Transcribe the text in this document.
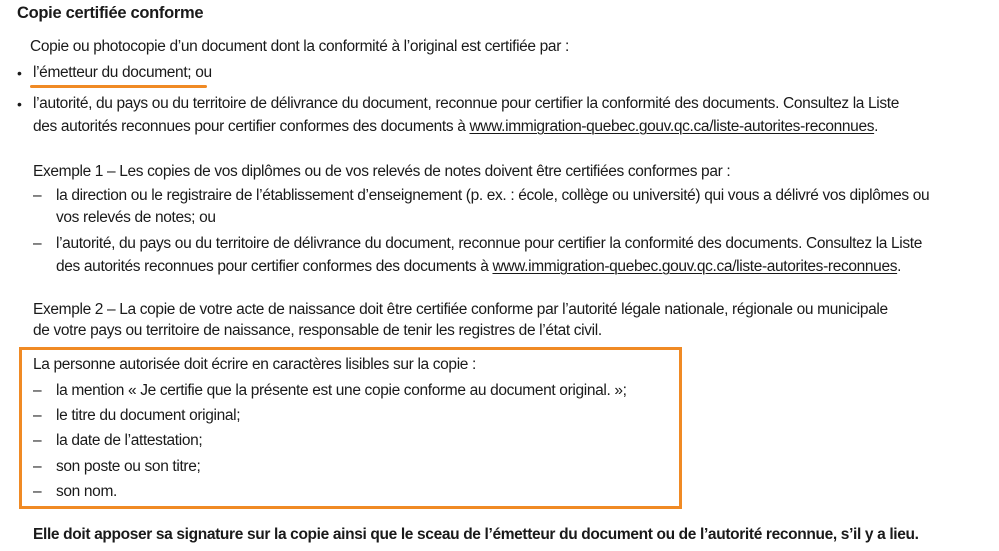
Copie certifiée conforme
Copie ou photocopie d’un document dont la conformité à l’original est certifiée par :
• l’émetteur du document; ou
• l’autorité, du pays ou du territoire de délivrance du document, reconnue pour certifier la conformité des documents. Consultez la Liste
des autorités reconnues pour certifier conformes des documents à www.immigration-quebec.gouv.qc.ca/liste-autorites-reconnues.
Exemple 1 – Les copies de vos diplômes ou de vos relevés de notes doivent être certifiées conformes par :
– la direction ou le registraire de l’établissement d’enseignement (p. ex. : école, collège ou université) qui vous a délivré vos diplômes ou
vos relevés de notes; ou
– l’autorité, du pays ou du territoire de délivrance du document, reconnue pour certifier la conformité des documents. Consultez la Liste
des autorités reconnues pour certifier conformes des documents à www.immigration-quebec.gouv.qc.ca/liste-autorites-reconnues.
Exemple 2 – La copie de votre acte de naissance doit être certifiée conforme par l’autorité légale nationale, régionale ou municipale
de votre pays ou territoire de naissance, responsable de tenir les registres de l’état civil.
La personne autorisée doit écrire en caractères lisibles sur la copie :
– la mention « Je certifie que la présente est une copie conforme au document original. »;
– le titre du document original;
– la date de l’attestation;
– son poste ou son titre;
– son nom.
Elle doit apposer sa signature sur la copie ainsi que le sceau de l’émetteur du document ou de l’autorité reconnue, s’il y a lieu.
